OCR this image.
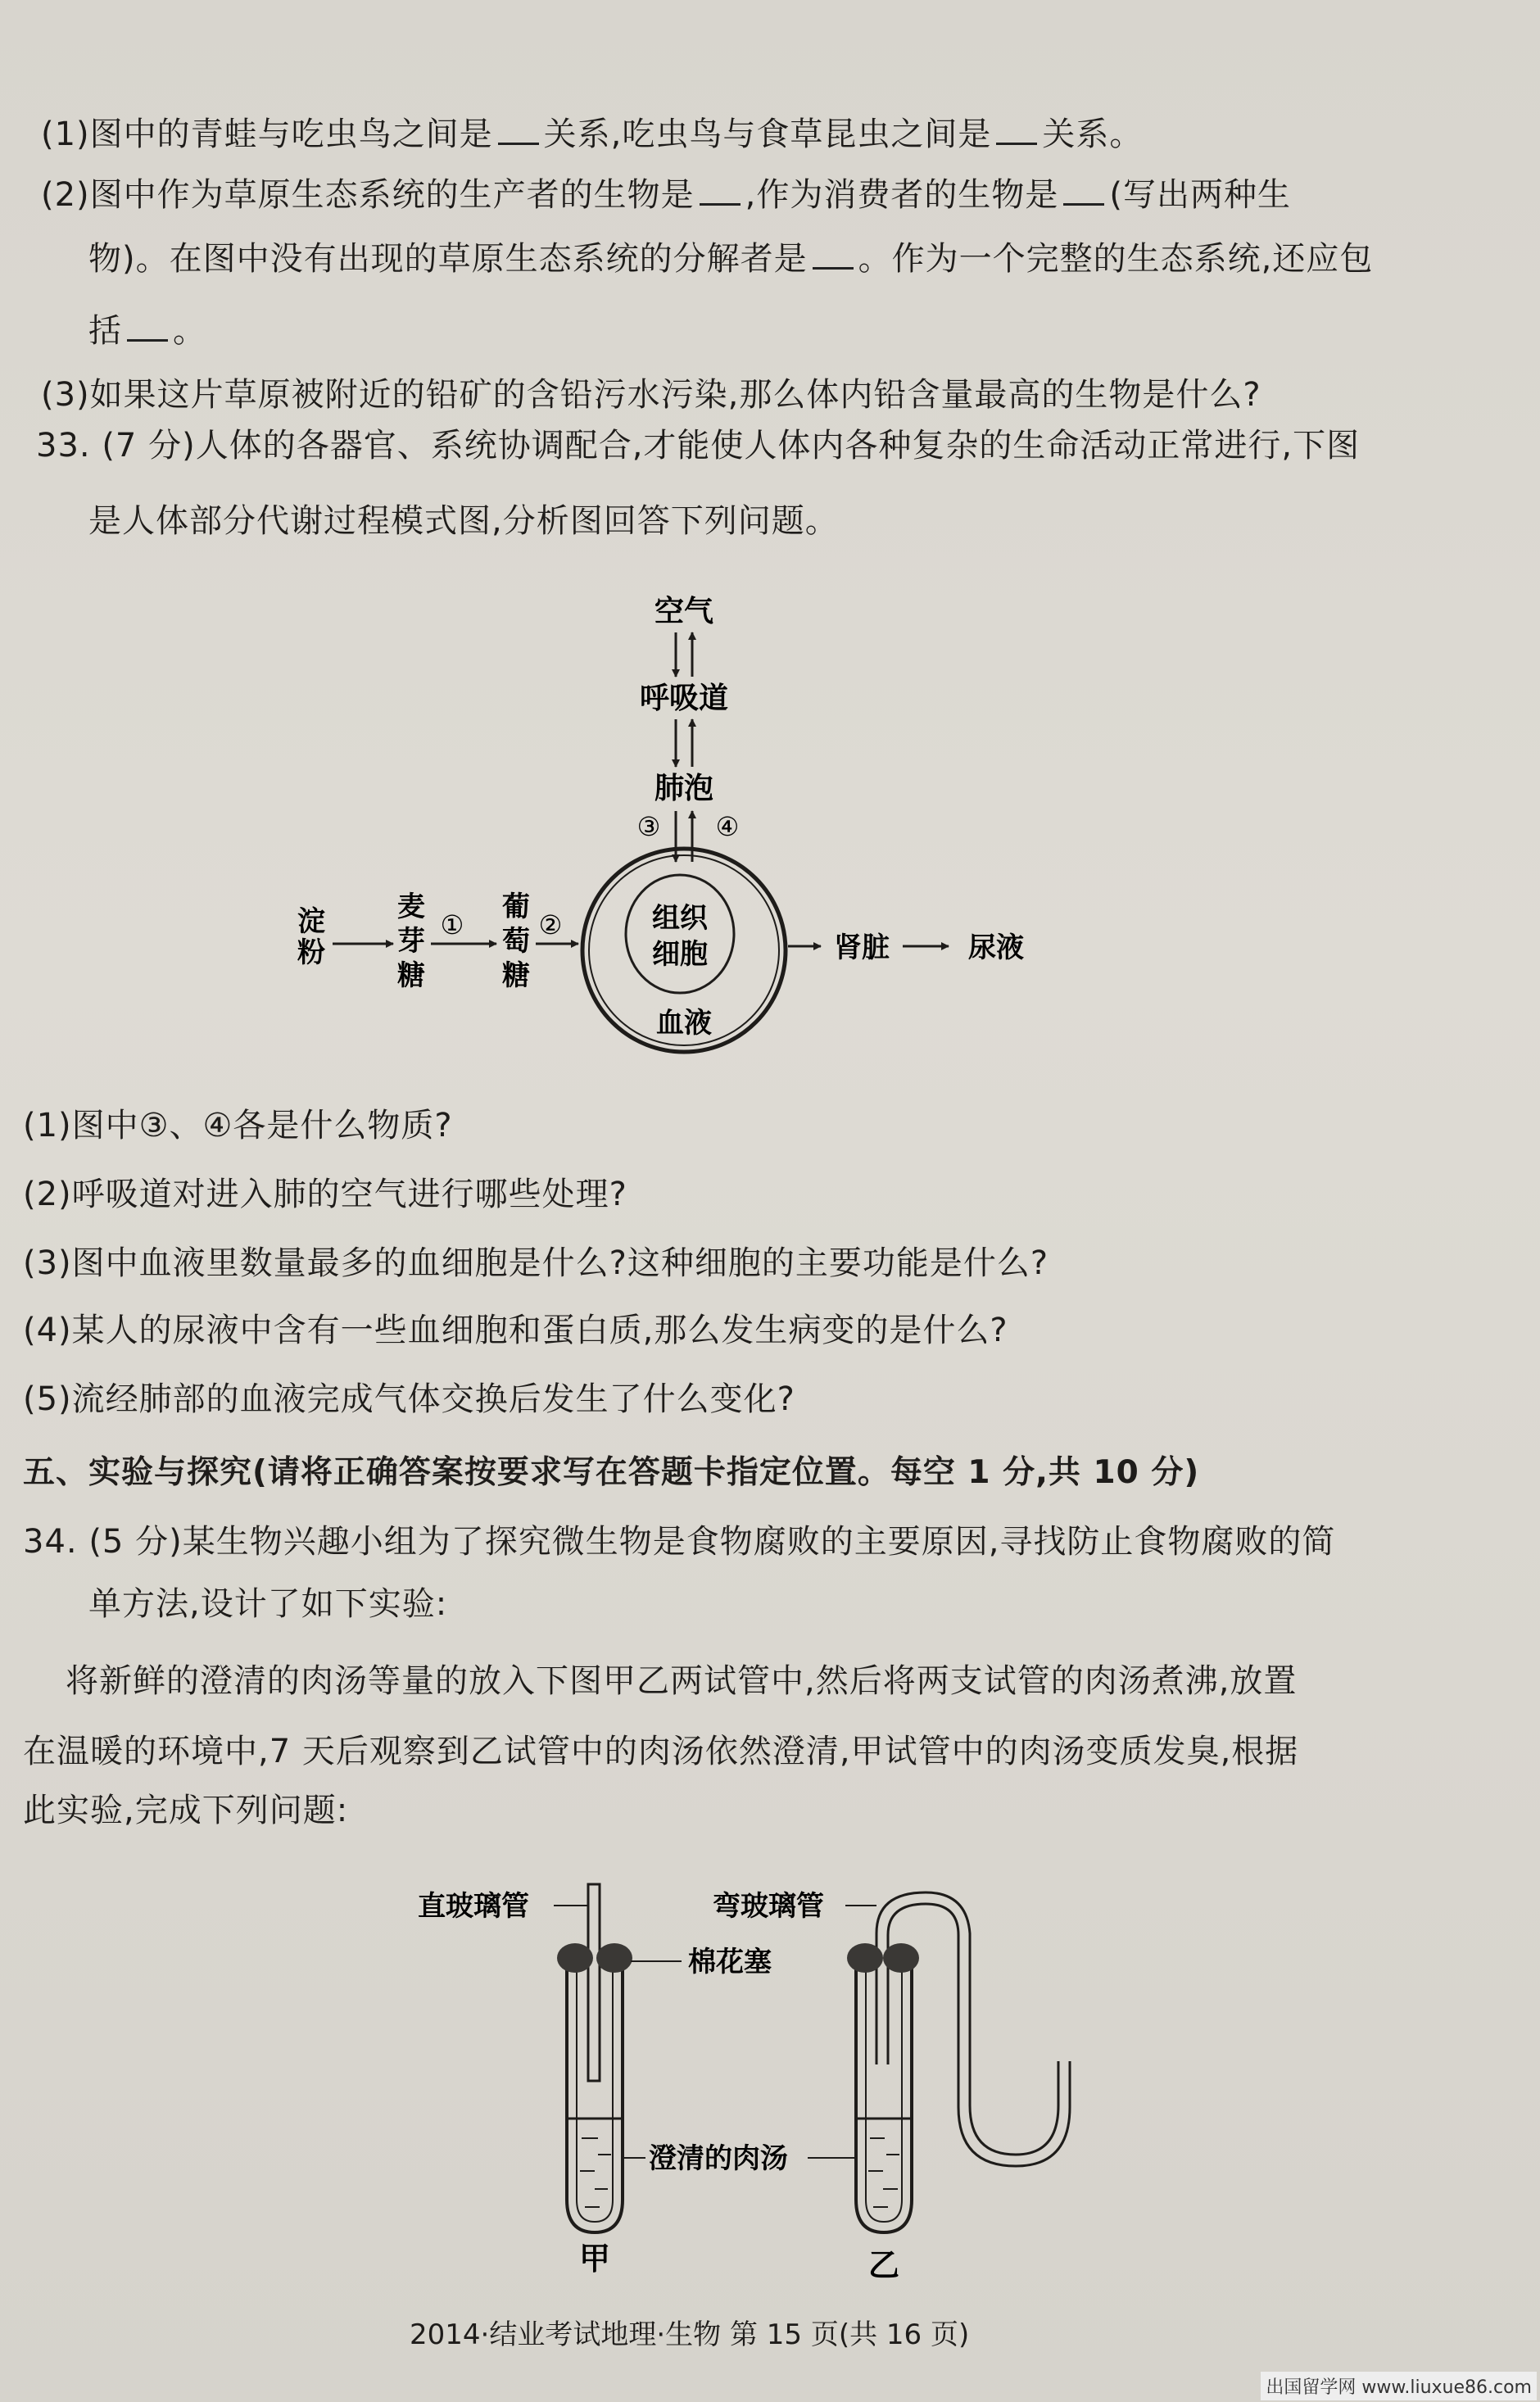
(1)图中的青蛙与吃虫鸟之间是 关系,吃虫鸟与食草昆虫之间是 关系。
(2)图中作为草原生态系统的生产者的生物是 ,作为消费者的生物是 (写出两种生
物)。在图中没有出现的草原生态系统的分解者是 。作为一个完整的生态系统,还应包
括 。
(3)如果这片草原被附近的铅矿的含铅污水污染,那么体内铅含量最高的生物是什么?
33. (7 分)人体的各器官、系统协调配合,才能使人体内各种复杂的生命活动正常进行,下图
是人体部分代谢过程模式图,分析图回答下列问题。
空气
呼吸道
肺泡
③ ④
组织
细胞
血液
淀
粉
麦
芽
糖
①
葡
萄
糖
②
肾脏	尿液
(1)图中③、④各是什么物质?
(2)呼吸道对进入肺的空气进行哪些处理?
(3)图中血液里数量最多的血细胞是什么?这种细胞的主要功能是什么?
(4)某人的尿液中含有一些血细胞和蛋白质,那么发生病变的是什么?
(5)流经肺部的血液完成气体交换后发生了什么变化?
五、实验与探究(请将正确答案按要求写在答题卡指定位置。每空 1 分,共 10 分)
34. (5 分)某生物兴趣小组为了探究微生物是食物腐败的主要原因,寻找防止食物腐败的简
单方法,设计了如下实验:
将新鲜的澄清的肉汤等量的放入下图甲乙两试管中,然后将两支试管的肉汤煮沸,放置
在温暖的环境中,7 天后观察到乙试管中的肉汤依然澄清,甲试管中的肉汤变质发臭,根据
此实验,完成下列问题:
直玻璃管	弯玻璃管
棉花塞
澄清的肉汤
甲	乙
2014·结业考试地理·生物 第 15 页(共 16 页)
出国留学网 www.liuxue86.com
